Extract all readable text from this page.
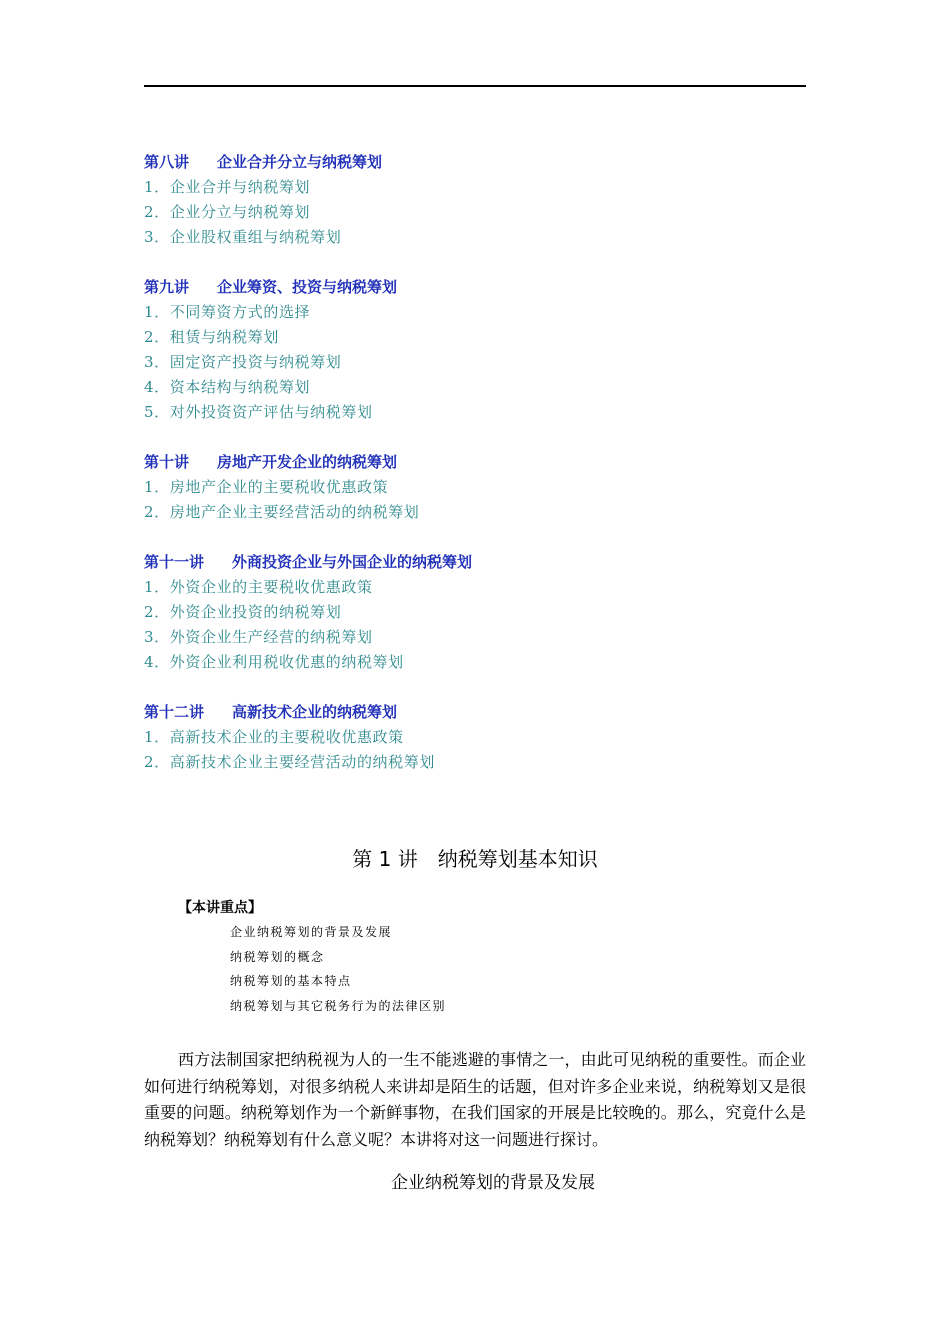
第八讲 企业合并分立与纳税筹划
1．企业合并与纳税筹划
2．企业分立与纳税筹划
3．企业股权重组与纳税筹划
第九讲 企业筹资、投资与纳税筹划
1．不同筹资方式的选择
2．租赁与纳税筹划
3．固定资产投资与纳税筹划
4．资本结构与纳税筹划
5．对外投资资产评估与纳税筹划
第十讲 房地产开发企业的纳税筹划
1．房地产企业的主要税收优惠政策
2．房地产企业主要经营活动的纳税筹划
第十一讲 外商投资企业与外国企业的纳税筹划
1．外资企业的主要税收优惠政策
2．外资企业投资的纳税筹划
3．外资企业生产经营的纳税筹划
4．外资企业利用税收优惠的纳税筹划
第十二讲 高新技术企业的纳税筹划
1．高新技术企业的主要税收优惠政策
2．高新技术企业主要经营活动的纳税筹划
第 1 讲　纳税筹划基本知识
【本讲重点】
企业纳税筹划的背景及发展
纳税筹划的概念
纳税筹划的基本特点
纳税筹划与其它税务行为的法律区别

西方法制国家把纳税视为人的一生不能逃避的事情之一，由此可见纳税的重要性。而企业如何进行纳税筹划，对很多纳税人来讲却是陌生的话题，但对许多企业来说，纳税筹划又是很重要的问题。纳税筹划作为一个新鲜事物，在我们国家的开展是比较晚的。那么，究竟什么是纳税筹划？纳税筹划有什么意义呢？本讲将对这一问题进行探讨。

企业纳税筹划的背景及发展
